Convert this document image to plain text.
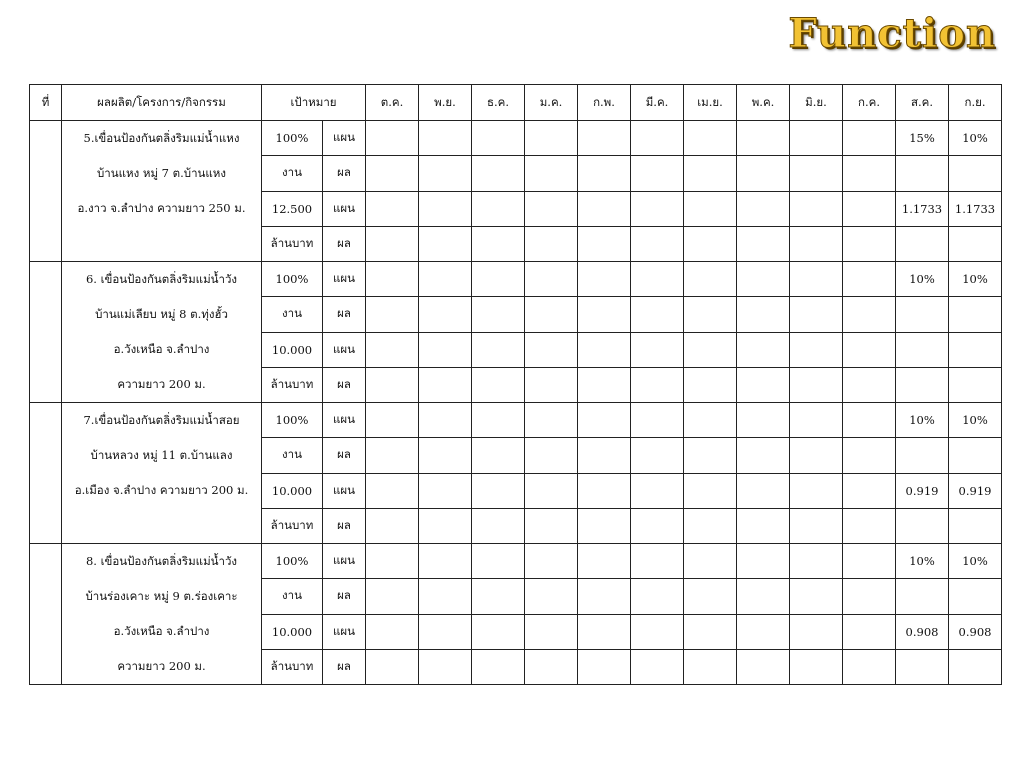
Function
ที่	ผลผลิต/โครงการ/กิจกรรม	เป้าหมาย		ต.ค.	พ.ย.	ธ.ค.	ม.ค.	ก.พ.	มี.ค.	เม.ย.	พ.ค.	มิ.ย.	ก.ค.	ส.ค.	ก.ย.

	5.เขื่อนป้องกันตลิ่งริมแม่น้ำแหง
บ้านแหง หมู่ 7 ต.บ้านแหง
อ.งาว จ.ลำปาง ความยาว 250 ม.	100%	แผน											15%	10%
		งาน	ผล												
		12.500	แผน											1.1733	1.1733
		ล้านบาท	ผล												

	6. เขื่อนป้องกันตลิ่งริมแม่น้ำวัง
บ้านแม่เลียบ หมู่ 8 ต.ทุ่งฮั้ว
อ.วังเหนือ จ.ลำปาง
ความยาว 200 ม.	100%	แผน											10%	10%
		งาน	ผล												
		10.000	แผน												
		ล้านบาท	ผล												

	7.เขื่อนป้องกันตลิ่งริมแม่น้ำสอย
บ้านหลวง หมู่ 11 ต.บ้านแลง
อ.เมือง จ.ลำปาง ความยาว 200 ม.	100%	แผน											10%	10%
		งาน	ผล												
		10.000	แผน											0.919	0.919
		ล้านบาท	ผล												

	8. เขื่อนป้องกันตลิ่งริมแม่น้ำวัง
บ้านร่องเคาะ หมู่ 9 ต.ร่องเคาะ
อ.วังเหนือ จ.ลำปาง
ความยาว 200 ม.	100%	แผน											10%	10%
		งาน	ผล												
		10.000	แผน											0.908	0.908
		ล้านบาท	ผล												
